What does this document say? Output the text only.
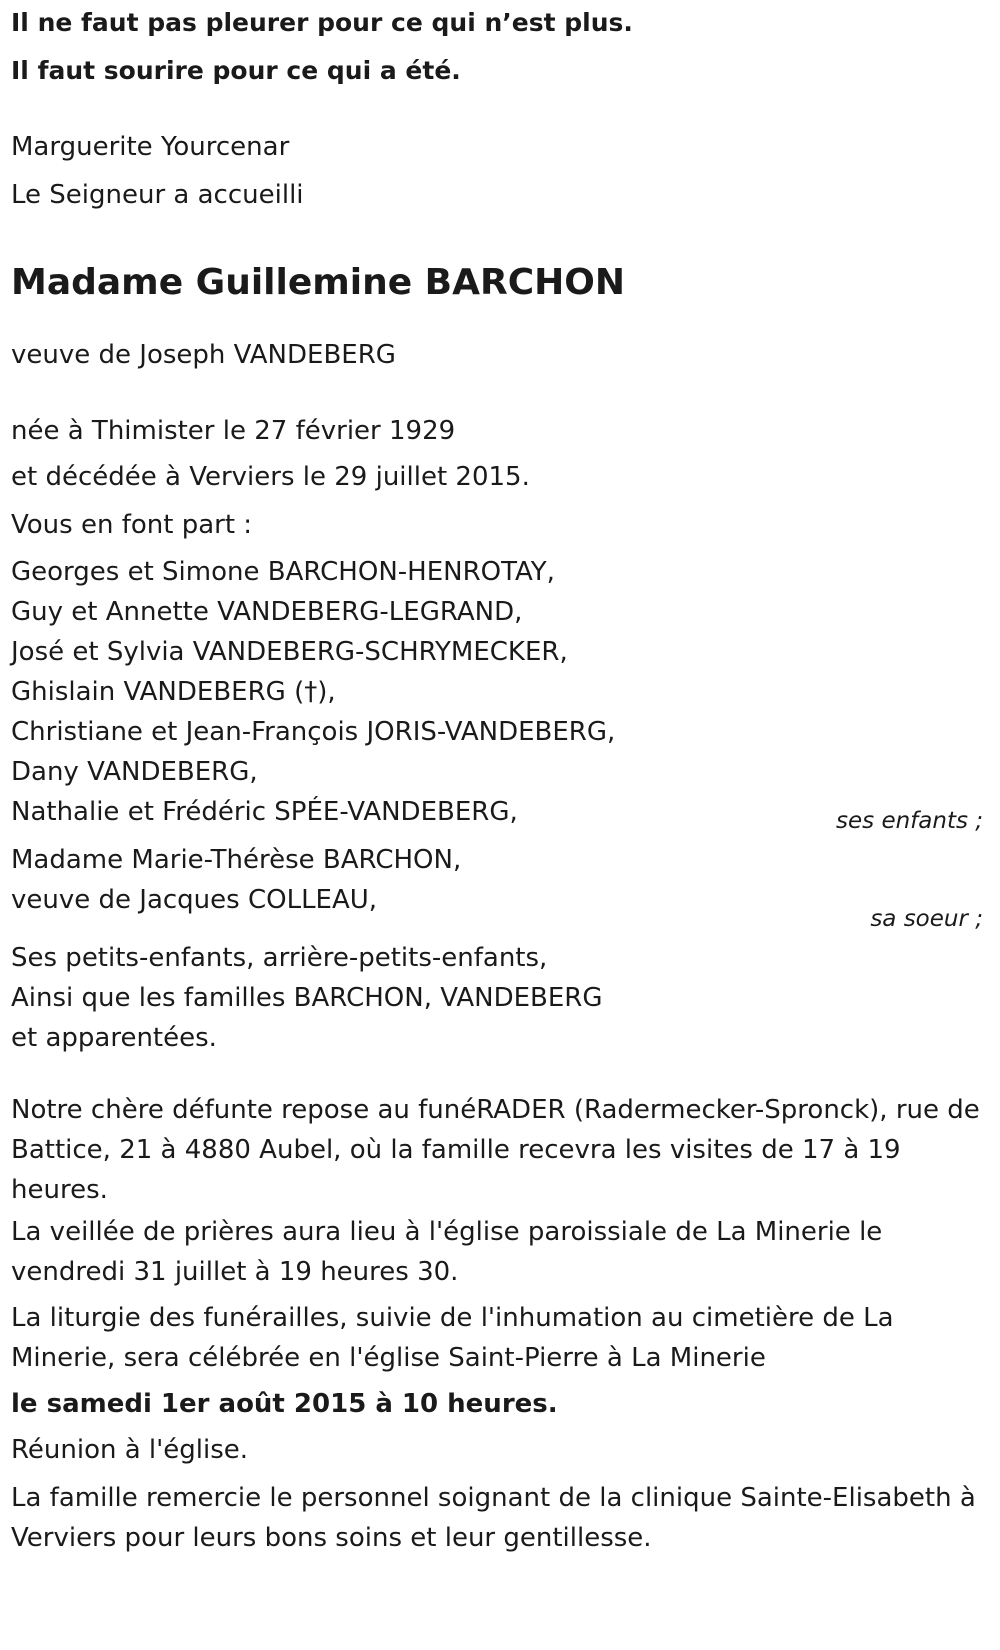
Il ne faut pas pleurer pour ce qui n’est plus.
Il faut sourire pour ce qui a été.
Marguerite Yourcenar
Le Seigneur a accueilli
Madame Guillemine BARCHON
veuve de Joseph VANDEBERG
née à Thimister le 27 février 1929
et décédée à Verviers le 29 juillet 2015.
Vous en font part :
Georges et Simone BARCHON-HENROTAY,
Guy et Annette VANDEBERG-LEGRAND,
José et Sylvia VANDEBERG-SCHRYMECKER,
Ghislain VANDEBERG (†),
Christiane et Jean-François JORIS-VANDEBERG,
Dany VANDEBERG,
Nathalie et Frédéric SPÉE-VANDEBERG,	ses enfants ;
Madame Marie-Thérèse BARCHON,
veuve de Jacques COLLEAU,
sa soeur ;
Ses petits-enfants, arrière-petits-enfants,
Ainsi que les familles BARCHON, VANDEBERG
et apparentées.
Notre chère défunte repose au funéRADER (Radermecker-Spronck), rue de Battice, 21 à 4880 Aubel, où la famille recevra les visites de 17 à 19 heures.
La veillée de prières aura lieu à l'église paroissiale de La Minerie le vendredi 31 juillet à 19 heures 30.
La liturgie des funérailles, suivie de l'inhumation au cimetière de La Minerie, sera célébrée en l'église Saint-Pierre à La Minerie
le samedi 1er août 2015 à 10 heures.
Réunion à l'église.
La famille remercie le personnel soignant de la clinique Sainte-Elisabeth à Verviers pour leurs bons soins et leur gentillesse.
